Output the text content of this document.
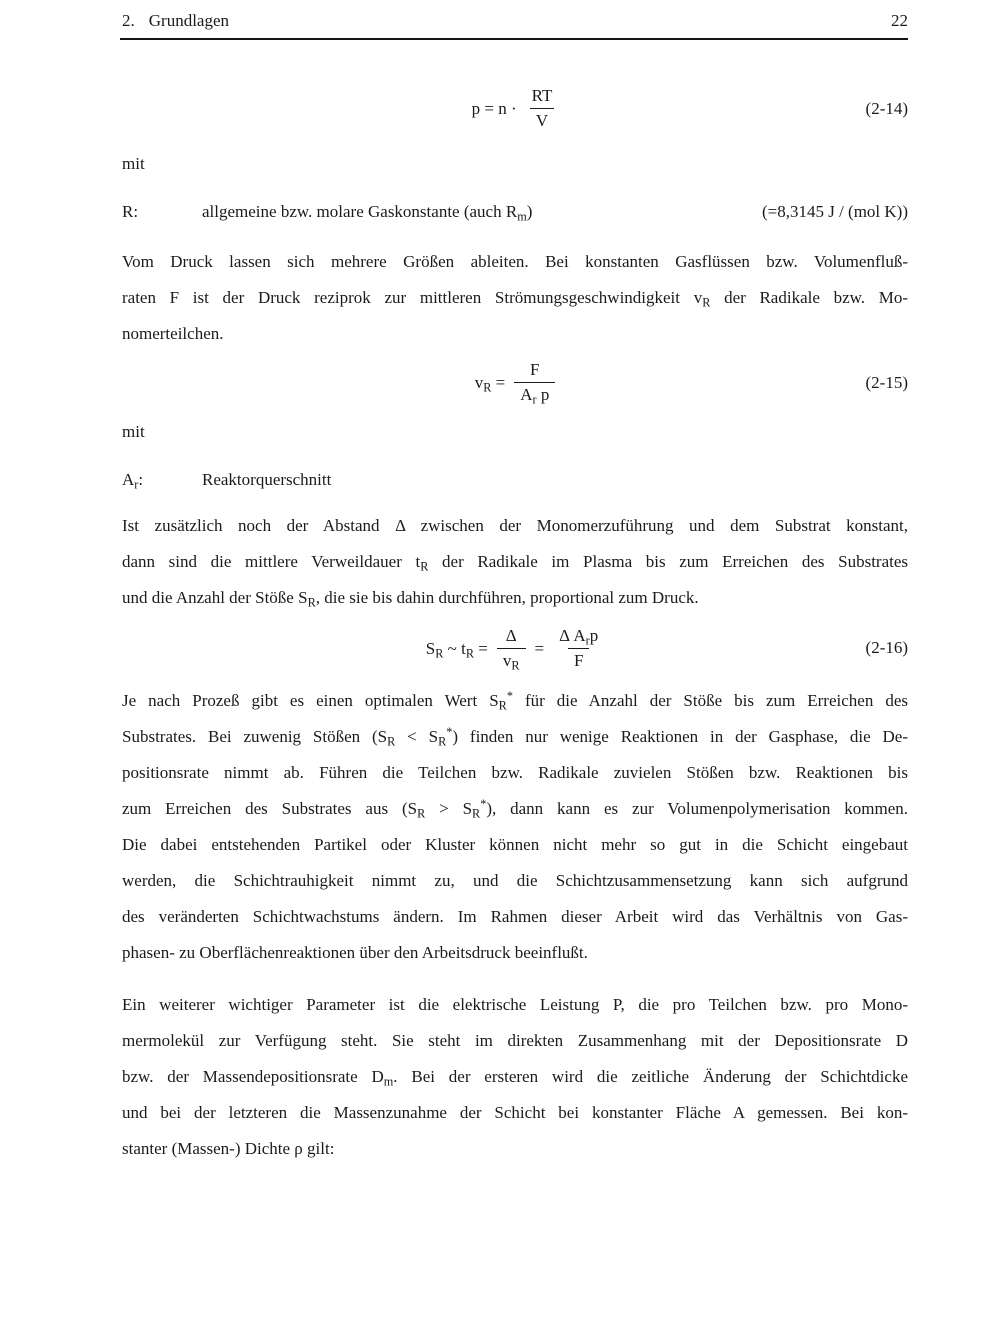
2. Grundlagen	22
$p = n \cdot \frac{RT}{V}$	(2-14)
mit
R:	allgemeine bzw. molare Gaskonstante (auch $R_m$)	(=8,3145 J / (mol K))
Vom Druck lassen sich mehrere Größen ableiten. Bei konstanten Gasflüssen bzw. Volumenfluß-
raten F ist der Druck reziprok zur mittleren Strömungsgeschwindigkeit $v_R$ der Radikale bzw. Mo-
nomerteilchen.
$v_R = \frac{F}{A_r p}$	(2-15)
mit
$A_r$:	Reaktorquerschnitt
Ist zusätzlich noch der Abstand Δ zwischen der Monomerzuführung und dem Substrat konstant,
dann sind die mittlere Verweildauer $t_R$ der Radikale im Plasma bis zum Erreichen des Substrates
und die Anzahl der Stöße $S_R$, die sie bis dahin durchführen, proportional zum Druck.
$S_R$ ~ $t_R = \frac{\Delta}{v_R} = \frac{\Delta A_rp}{F}$	(2-16)
Je nach Prozeß gibt es einen optimalen Wert $S_R^*$ für die Anzahl der Stöße bis zum Erreichen des
Substrates. Bei zuwenig Stößen $(S_R < S_R^*)$ finden nur wenige Reaktionen in der Gasphase, die De-
positionsrate nimmt ab. Führen die Teilchen bzw. Radikale zuvielen Stößen bzw. Reaktionen bis
zum Erreichen des Substrates aus $(S_R > S_R^*)$, dann kann es zur Volumenpolymerisation kommen.
Die dabei entstehenden Partikel oder Kluster können nicht mehr so gut in die Schicht eingebaut
werden, die Schichtrauhigkeit nimmt zu, und die Schichtzusammensetzung kann sich aufgrund
des veränderten Schichtwachstums ändern. Im Rahmen dieser Arbeit wird das Verhältnis von Gas-
phasen- zu Oberflächenreaktionen über den Arbeitsdruck beeinflußt.
Ein weiterer wichtiger Parameter ist die elektrische Leistung P, die pro Teilchen bzw. pro Mono-
mermolekül zur Verfügung steht. Sie steht im direkten Zusammenhang mit der Depositionsrate D
bzw. der Massendepositionsrate $D_m$. Bei der ersteren wird die zeitliche Änderung der Schichtdicke
und bei der letzteren die Massenzunahme der Schicht bei konstanter Fläche A gemessen. Bei kon-
stanter (Massen-) Dichte ρ gilt:
